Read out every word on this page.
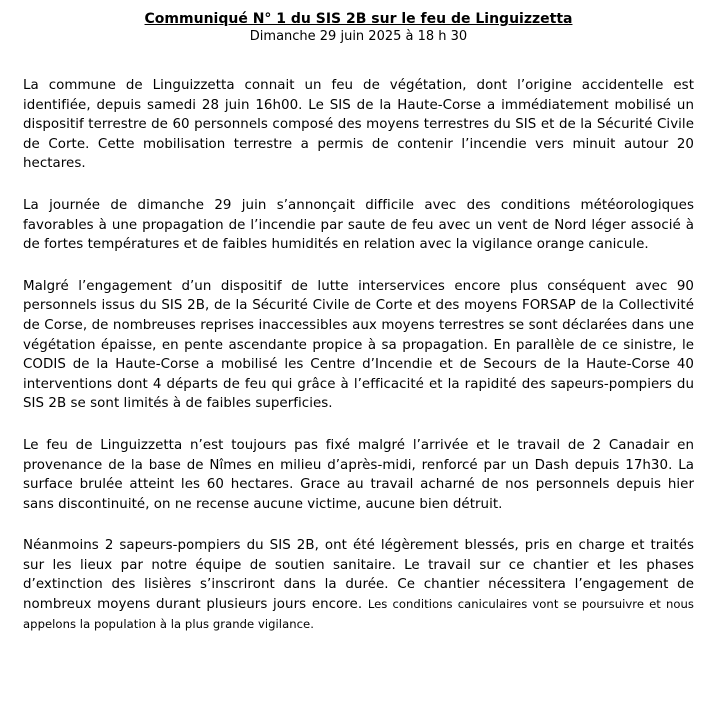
Communiqué N° 1 du SIS 2B sur le feu de Linguizzetta

Dimanche 29 juin 2025 à 18 h 30

La commune de Linguizzetta connait un feu de végétation, dont l’origine accidentelle est identifiée, depuis samedi 28 juin 16h00. Le SIS de la Haute-Corse a immédiatement mobilisé un dispositif terrestre de 60 personnels composé des moyens terrestres du SIS et de la Sécurité Civile de Corte. Cette mobilisation terrestre a permis de contenir l’incendie vers minuit autour 20 hectares.

La journée de dimanche 29 juin s’annonçait difficile avec des conditions météorologiques favorables à une propagation de l’incendie par saute de feu avec un vent de Nord léger associé à de fortes températures et de faibles humidités en relation avec la vigilance orange canicule.

Malgré l’engagement d’un dispositif de lutte interservices encore plus conséquent avec 90 personnels issus du SIS 2B, de la Sécurité Civile de Corte et des moyens FORSAP de la Collectivité de Corse, de nombreuses reprises inaccessibles aux moyens terrestres se sont déclarées dans une végétation épaisse, en pente ascendante propice à sa propagation. En parallèle de ce sinistre, le CODIS de la Haute-Corse a mobilisé les Centre d’Incendie et de Secours de la Haute-Corse 40 interventions dont 4 départs de feu qui grâce à l’efficacité et la rapidité des sapeurs-pompiers du SIS 2B se sont limités à de faibles superficies.

Le feu de Linguizzetta n’est toujours pas fixé malgré l’arrivée et le travail de 2 Canadair en provenance de la base de Nîmes en milieu d’après-midi, renforcé par un Dash depuis 17h30. La surface brulée atteint les 60 hectares. Grace au travail acharné de nos personnels depuis hier sans discontinuité, on ne recense aucune victime, aucune bien détruit.

Néanmoins 2 sapeurs-pompiers du SIS 2B, ont été légèrement blessés, pris en charge et traités sur les lieux par notre équipe de soutien sanitaire. Le travail sur ce chantier et les phases d’extinction des lisières s’inscriront dans la durée. Ce chantier nécessitera l’engagement de nombreux moyens durant plusieurs jours encore. Les conditions caniculaires vont se poursuivre et nous appelons la population à la plus grande vigilance.
